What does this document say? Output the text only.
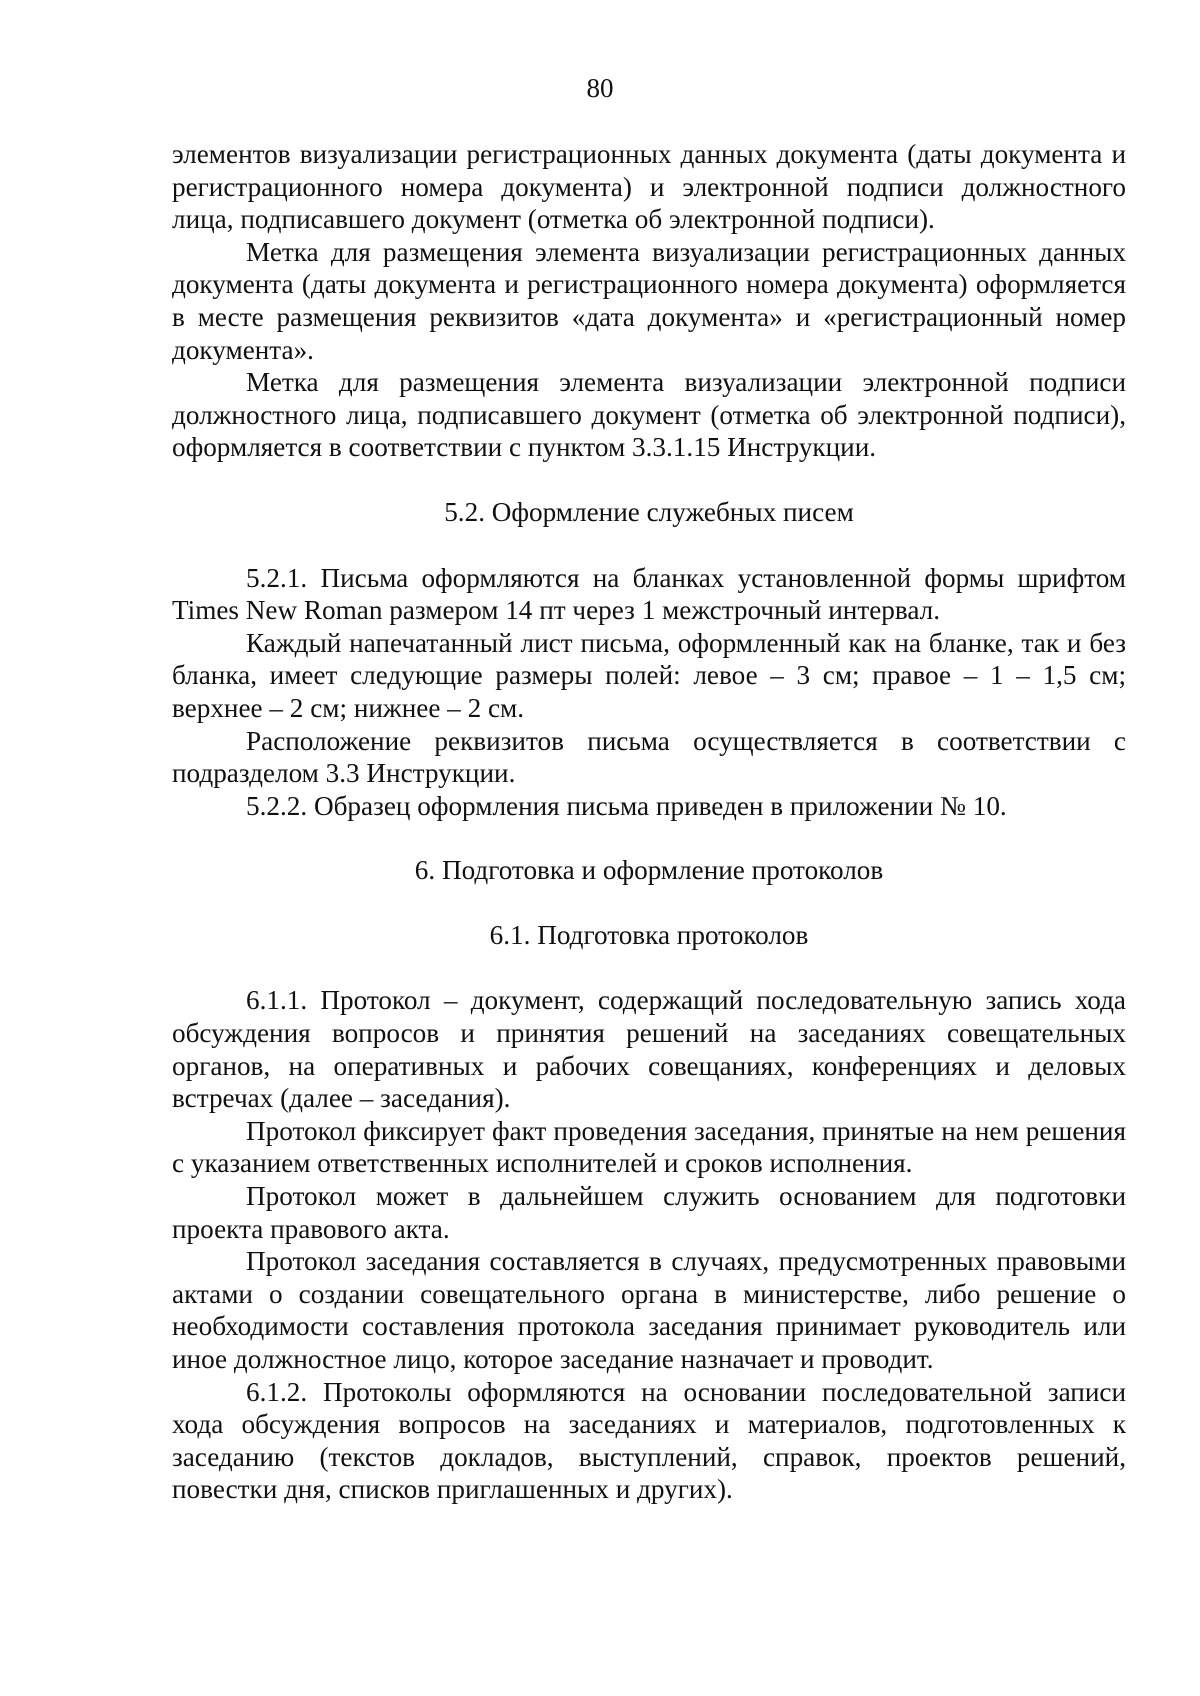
80

элементов визуализации регистрационных данных документа (даты документа и регистрационного номера документа) и электронной подписи должностного лица, подписавшего документ (отметка об электронной подписи).

Метка для размещения элемента визуализации регистрационных данных документа (даты документа и регистрационного номера документа) оформляется в месте размещения реквизитов «дата документа» и «регистрационный номер документа».

Метка для размещения элемента визуализации электронной подписи должностного лица, подписавшего документ (отметка об электронной подписи), оформляется в соответствии с пунктом 3.3.1.15 Инструкции.

5.2. Оформление служебных писем

5.2.1. Письма оформляются на бланках установленной формы шрифтом Times New Roman размером 14 пт через 1 межстрочный интервал.

Каждый напечатанный лист письма, оформленный как на бланке, так и без бланка, имеет следующие размеры полей: левое – 3 см; правое – 1 – 1,5 см; верхнее – 2 см; нижнее – 2 см.

Расположение реквизитов письма осуществляется в соответствии с подразделом 3.3 Инструкции.

5.2.2. Образец оформления письма приведен в приложении № 10.

6. Подготовка и оформление протоколов
6.1. Подготовка протоколов

6.1.1. Протокол – документ, содержащий последовательную запись хода обсуждения вопросов и принятия решений на заседаниях совещательных органов, на оперативных и рабочих совещаниях, конференциях и деловых встречах (далее – заседания).

Протокол фиксирует факт проведения заседания, принятые на нем решения с указанием ответственных исполнителей и сроков исполнения.

Протокол может в дальнейшем служить основанием для подготовки проекта правового акта.

Протокол заседания составляется в случаях, предусмотренных правовыми актами о создании совещательного органа в министерстве, либо решение о необходимости составления протокола заседания принимает руководитель или иное должностное лицо, которое заседание назначает и проводит.

6.1.2. Протоколы оформляются на основании последовательной записи хода обсуждения вопросов на заседаниях и материалов, подготовленных к заседанию (текстов докладов, выступлений, справок, проектов решений, повестки дня, списков приглашенных и других).
